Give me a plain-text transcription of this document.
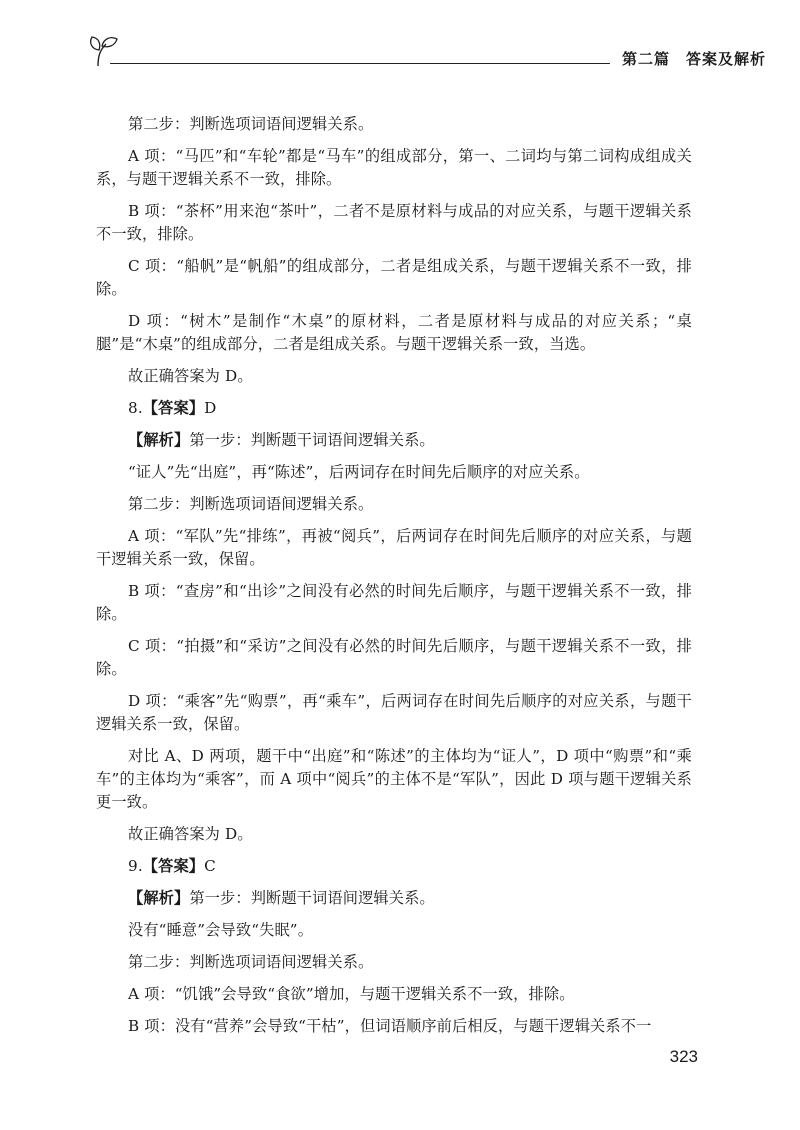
第二篇　答案及解析

第二步：判断选项词语间逻辑关系。

A 项：“马匹”和“车轮”都是“马车”的组成部分，第一、二词均与第二词构成组成关系，与题干逻辑关系不一致，排除。

B 项：“茶杯”用来泡“茶叶”，二者不是原材料与成品的对应关系，与题干逻辑关系不一致，排除。

C 项：“船帆”是“帆船”的组成部分，二者是组成关系，与题干逻辑关系不一致，排除。

D 项：“树木”是制作“木桌”的原材料，二者是原材料与成品的对应关系；“桌腿”是“木桌”的组成部分，二者是组成关系。与题干逻辑关系一致，当选。

故正确答案为 D。

8.【答案】D

【解析】第一步：判断题干词语间逻辑关系。

“证人”先“出庭”，再“陈述”，后两词存在时间先后顺序的对应关系。

第二步：判断选项词语间逻辑关系。

A 项：“军队”先“排练”，再被“阅兵”，后两词存在时间先后顺序的对应关系，与题干逻辑关系一致，保留。

B 项：“查房”和“出诊”之间没有必然的时间先后顺序，与题干逻辑关系不一致，排除。

C 项：“拍摄”和“采访”之间没有必然的时间先后顺序，与题干逻辑关系不一致，排除。

D 项：“乘客”先“购票”，再“乘车”，后两词存在时间先后顺序的对应关系，与题干逻辑关系一致，保留。

对比 A、D 两项，题干中“出庭”和“陈述”的主体均为“证人”，D 项中“购票”和“乘车”的主体均为“乘客”，而 A 项中“阅兵”的主体不是“军队”，因此 D 项与题干逻辑关系更一致。

故正确答案为 D。

9.【答案】C

【解析】第一步：判断题干词语间逻辑关系。

没有“睡意”会导致“失眠”。

第二步：判断选项词语间逻辑关系。

A 项：“饥饿”会导致“食欲”增加，与题干逻辑关系不一致，排除。

B 项：没有“营养”会导致“干枯”，但词语顺序前后相反，与题干逻辑关系不一

323
